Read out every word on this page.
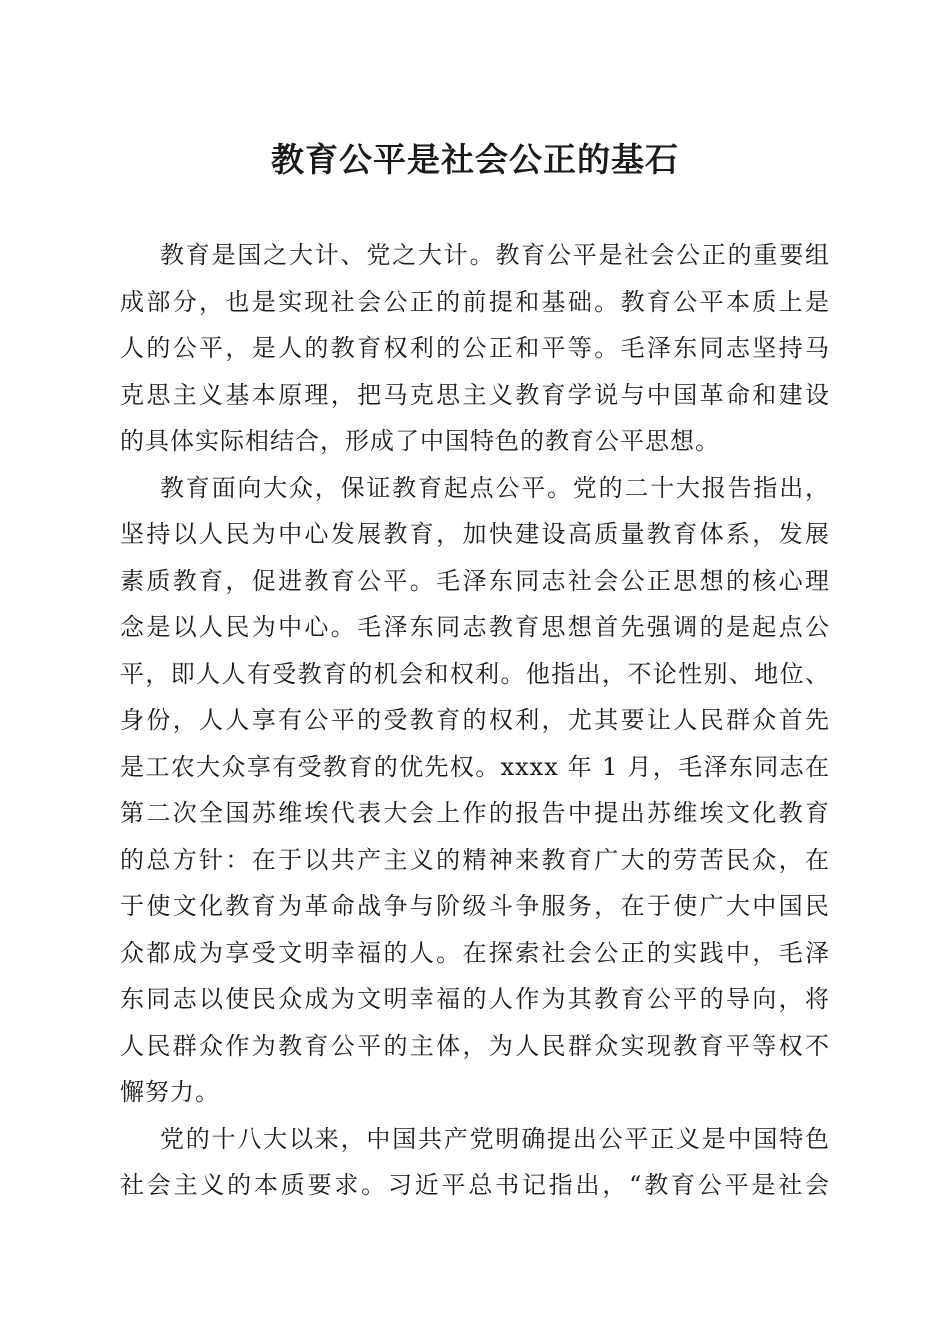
教育公平是社会公正的基石

教育是国之大计、党之大计。教育公平是社会公正的重要组
成部分，也是实现社会公正的前提和基础。教育公平本质上是
人的公平，是人的教育权利的公正和平等。毛泽东同志坚持马
克思主义基本原理，把马克思主义教育学说与中国革命和建设
的具体实际相结合，形成了中国特色的教育公平思想。

教育面向大众，保证教育起点公平。党的二十大报告指出，
坚持以人民为中心发展教育，加快建设高质量教育体系，发展
素质教育，促进教育公平。毛泽东同志社会公正思想的核心理
念是以人民为中心。毛泽东同志教育思想首先强调的是起点公
平，即人人有受教育的机会和权利。他指出，不论性别、地位、
身份，人人享有公平的受教育的权利，尤其要让人民群众首先
是工农大众享有受教育的优先权。xxxx 年 1 月，毛泽东同志在
第二次全国苏维埃代表大会上作的报告中提出苏维埃文化教育
的总方针：在于以共产主义的精神来教育广大的劳苦民众，在
于使文化教育为革命战争与阶级斗争服务，在于使广大中国民
众都成为享受文明幸福的人。在探索社会公正的实践中，毛泽
东同志以使民众成为文明幸福的人作为其教育公平的导向，将
人民群众作为教育公平的主体，为人民群众实现教育平等权不
懈努力。

党的十八大以来，中国共产党明确提出公平正义是中国特色
社会主义的本质要求。习近平总书记指出，“教育公平是社会
